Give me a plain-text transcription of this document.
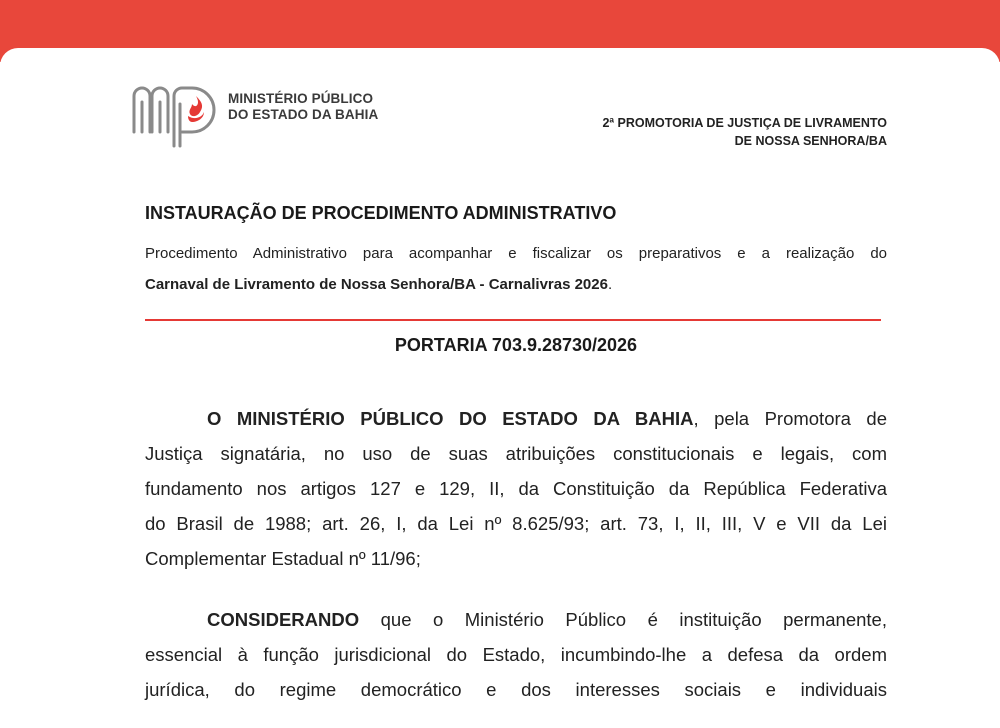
MINISTÉRIO PÚBLICO
DO ESTADO DA BAHIA
2ª PROMOTORIA DE JUSTIÇA DE LIVRAMENTO
DE NOSSA SENHORA/BA
INSTAURAÇÃO DE PROCEDIMENTO ADMINISTRATIVO
Procedimento Administrativo para acompanhar e fiscalizar os preparativos e a realização do
Carnaval de Livramento de Nossa Senhora/BA - Carnalivras 2026.
PORTARIA 703.9.28730/2026
O MINISTÉRIO PÚBLICO DO ESTADO DA BAHIA, pela Promotora de
Justiça signatária, no uso de suas atribuições constitucionais e legais, com
fundamento nos artigos 127 e 129, II, da Constituição da República Federativa
do Brasil de 1988; art. 26, I, da Lei nº 8.625/93; art. 73, I, II, III, V e VII da Lei
Complementar Estadual nº 11/96;
CONSIDERANDO que o Ministério Público é instituição permanente,
essencial à função jurisdicional do Estado, incumbindo-lhe a defesa da ordem
jurídica, do regime democrático e dos interesses sociais e individuais
